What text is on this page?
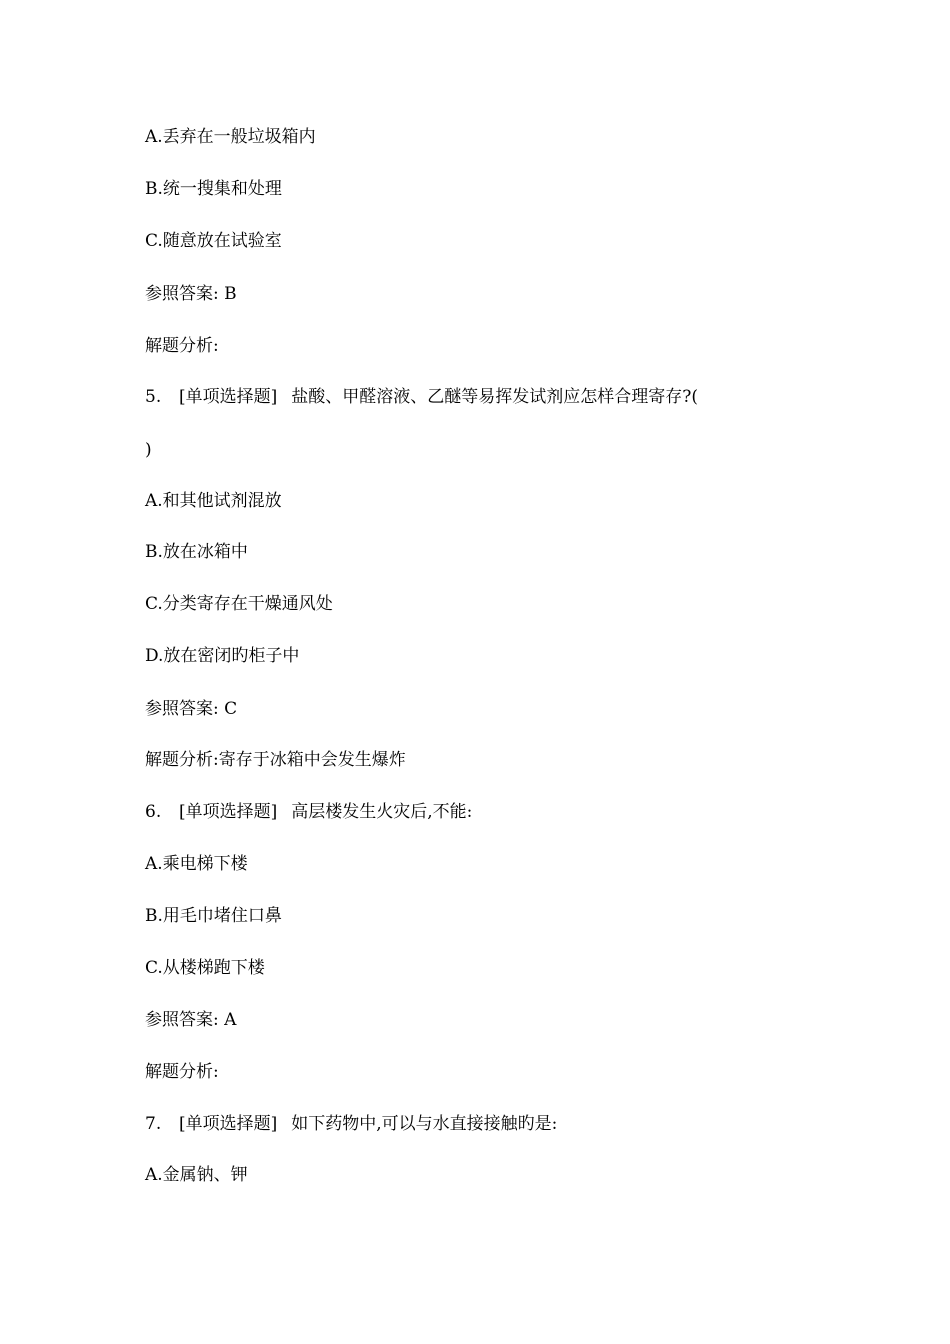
A.丢弃在一般垃圾箱内
B.统一搜集和处理
C.随意放在试验室
参照答案: B
解题分析:
5. [单项选择题] 盐酸、甲醛溶液、乙醚等易挥发试剂应怎样合理寄存?(
)
A.和其他试剂混放
B.放在冰箱中
C.分类寄存在干燥通风处
D.放在密闭旳柜子中
参照答案: C
解题分析:寄存于冰箱中会发生爆炸
6. [单项选择题] 高层楼发生火灾后,不能:
A.乘电梯下楼
B.用毛巾堵住口鼻
C.从楼梯跑下楼
参照答案: A
解题分析:
7. [单项选择题] 如下药物中,可以与水直接接触旳是:
A.金属钠、钾
